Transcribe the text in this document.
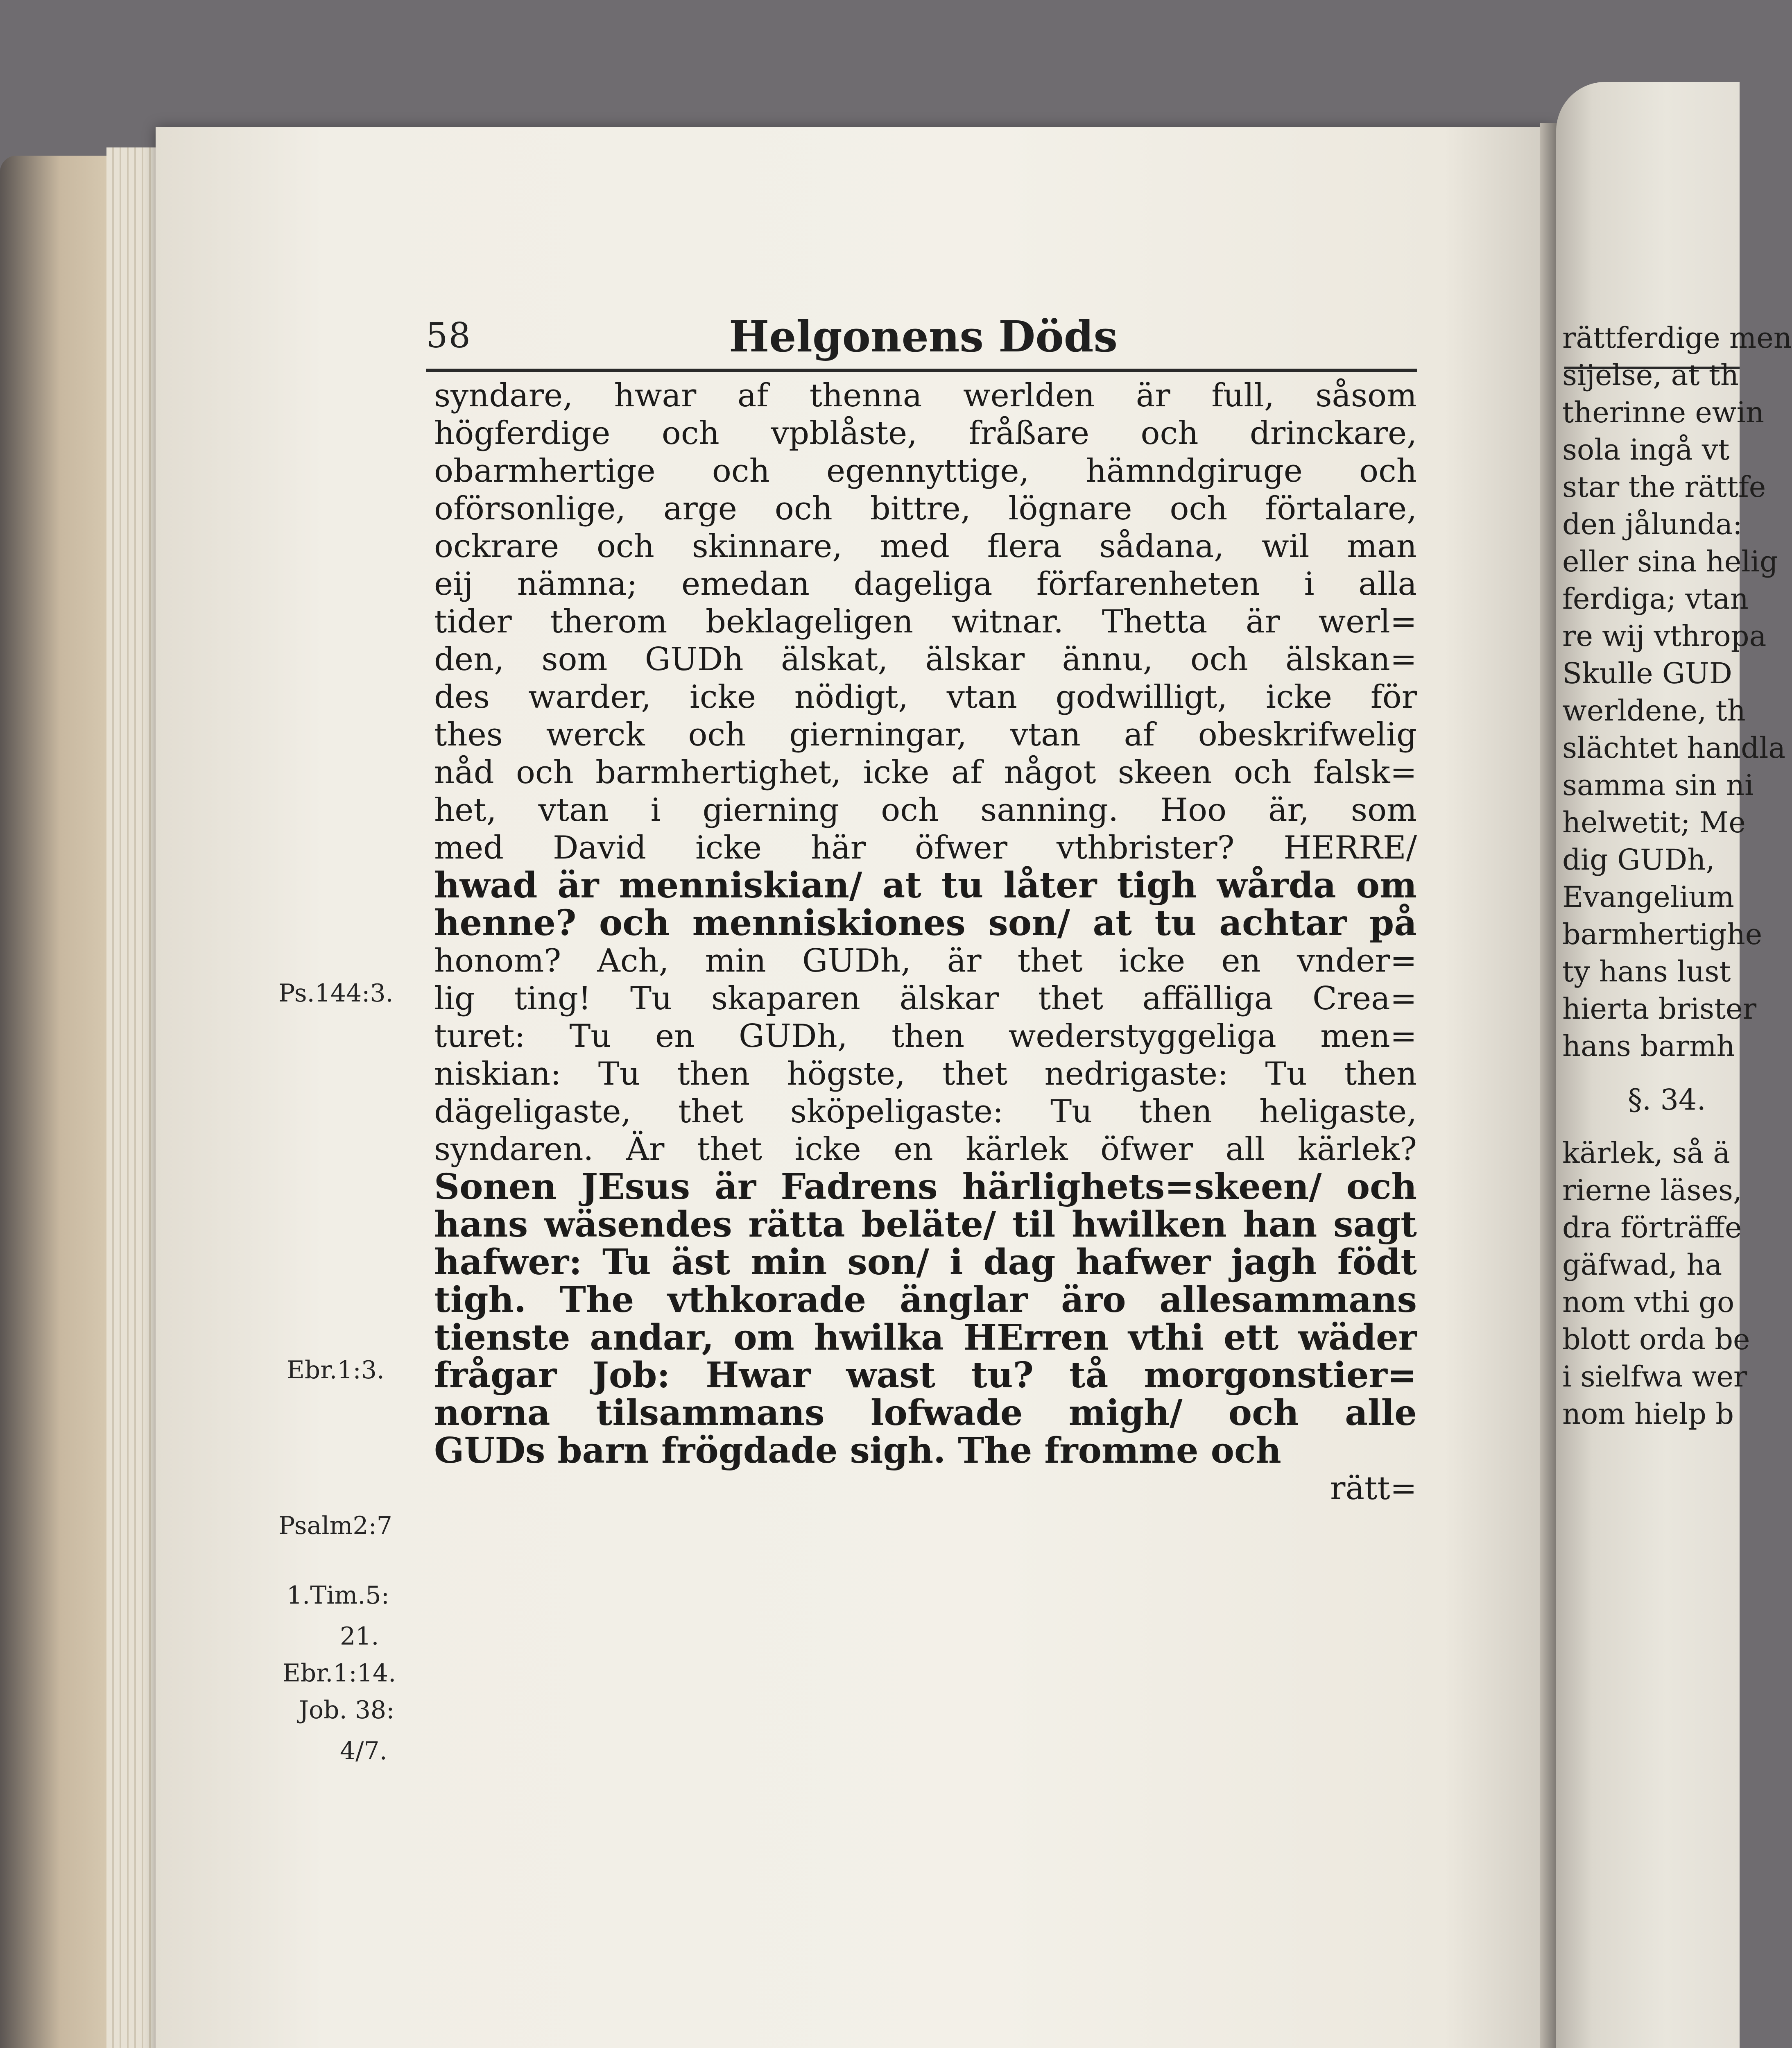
58	Helgonens Döds
syndare, hwar af thenna werlden är full, såsom
högferdige och vpblåste, fråßare och drinckare,
obarmhertige och egennyttige, hämndgiruge och
oförsonlige, arge och bittre, lögnare och förtalare,
ockrare och skinnare, med flera sådana, wil man
eij nämna; emedan dageliga förfarenheten i alla
tider therom beklageligen witnar. Thetta är werl=
den, som GUDh älskat, älskar ännu, och älskan=
des warder, icke nödigt, vtan godwilligt, icke för
thes werck och gierningar, vtan af obeskrifwelig
nåd och barmhertighet, icke af något skeen och falsk=
het, vtan i gierning och sanning. Hoo är, som
med David icke här öfwer vthbrister? HERRE/
hwad är menniskian/ at tu låter tigh wårda om
henne? och menniskiones son/ at tu achtar på
honom? Ach, min GUDh, är thet icke en vnder=
lig ting! Tu skaparen älskar thet affälliga Crea=
turet: Tu en GUDh, then wederstyggeliga men=
niskian: Tu then högste, thet nedrigaste: Tu then
dägeligaste, thet sköpeligaste: Tu then heligaste,
syndaren. Är thet icke en kärlek öfwer all kärlek?
Sonen JEsus är Fadrens härlighets=skeen/ och
hans wäsendes rätta beläte/ til hwilken han sagt
hafwer: Tu äst min son/ i dag hafwer jagh födt
tigh. The vthkorade änglar äro allesammans
tienste andar, om hwilka HErren vthi ett wäder
frågar Job: Hwar wast tu? tå morgonstier=
norna tilsammans lofwade migh/ och alle
GUDs barn frögdade sigh. The fromme och
rätt=
Ps.144:3.
Ebr.1:3.
Psalm2:7
1.Tim.5:
21.
Ebr.1:14.
Job. 38:
4/7.
rättferdige men
sijelse, at th
therinne ewin
sola ingå vt
star the rättfe
den jålunda:
eller sina helig
ferdiga; vtan
re wij vthropa
Skulle GUD
werldene, th
slächtet handla
samma sin ni
helwetit; Me
dig GUDh,
Evangelium
barmhertighe
ty hans lust
hierta brister
hans barmh
§. 34.
kärlek, så ä
rierne läses,
dra förträffe
gäfwad, ha
nom vthi go
blott orda be
i sielfwa wer
nom hielp b
